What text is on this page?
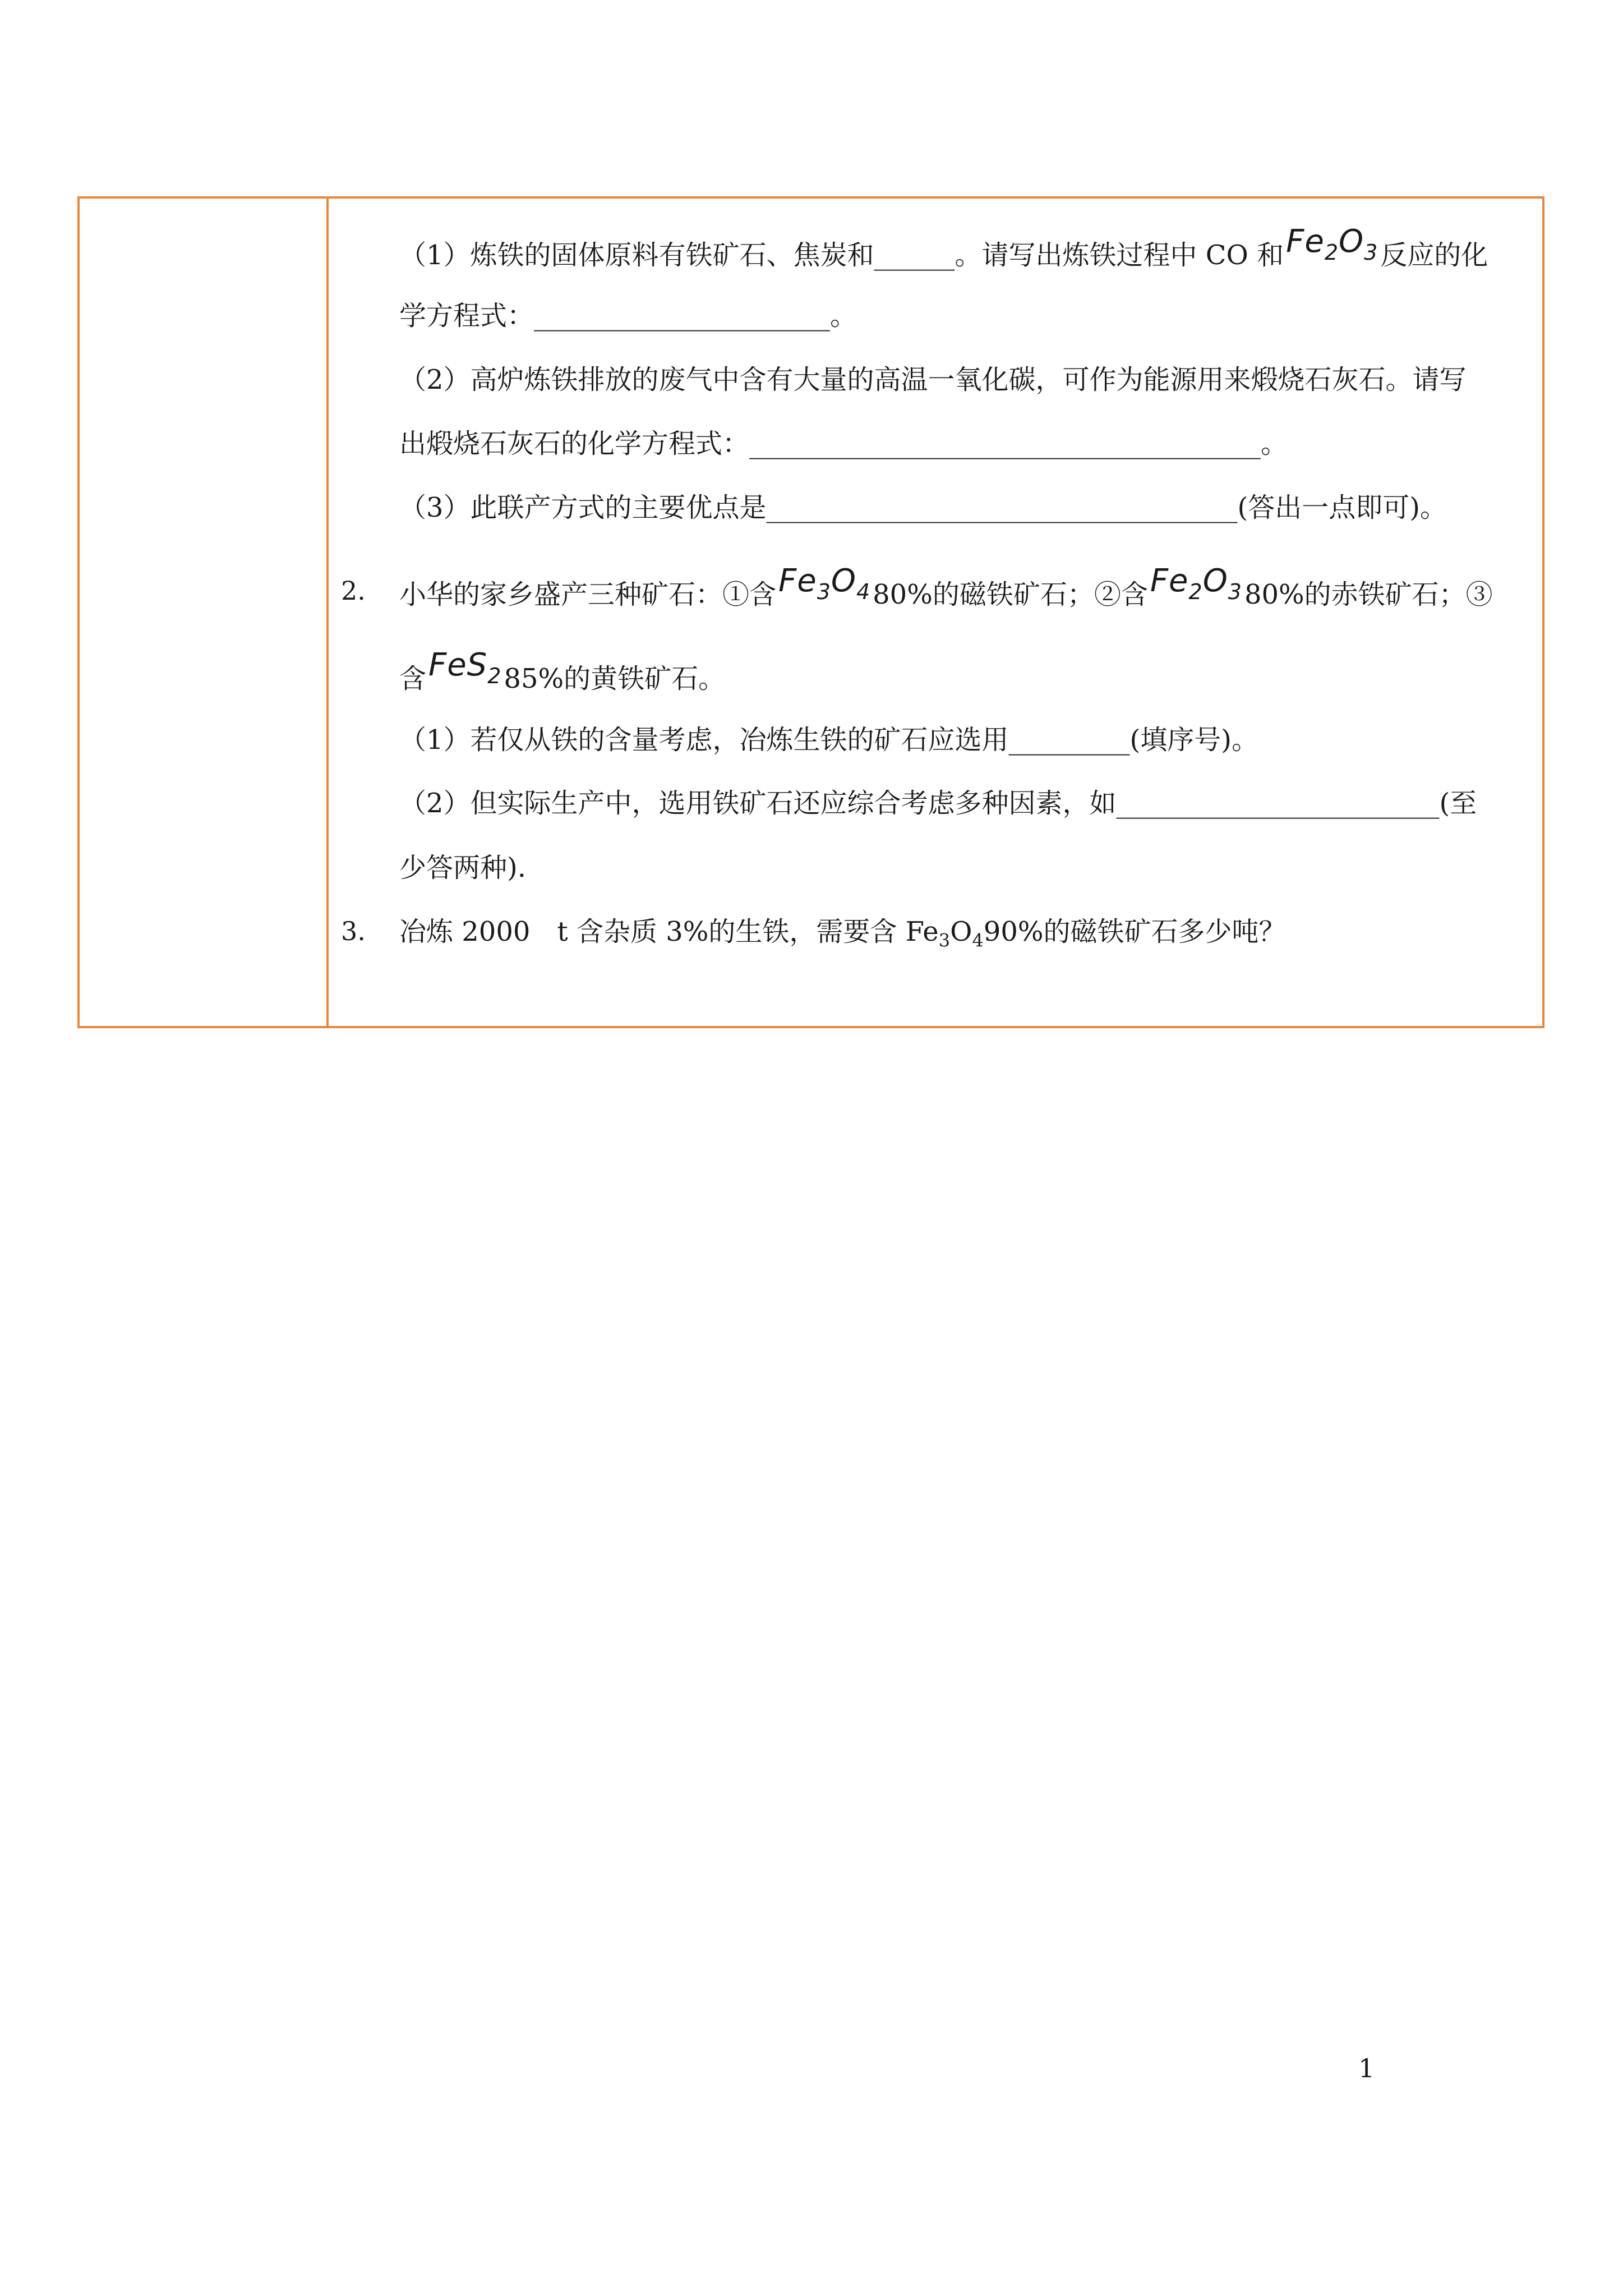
（1）炼铁的固体原料有铁矿石、焦炭和______。请写出炼铁过程中 CO 和$Fe_2O_3$反应的化
学方程式：______________________。
（2）高炉炼铁排放的废气中含有大量的高温一氧化碳，可作为能源用来煅烧石灰石。请写
出煅烧石灰石的化学方程式：______________________________________。
（3）此联产方式的主要优点是___________________________________(答出一点即可)。
2. 小华的家乡盛产三种矿石：①含$Fe_3O_480\%$的磁铁矿石；②含$Fe_2O_380\%$的赤铁矿石；③
含FeS$_2$85%的黄铁矿石。
（1）若仅从铁的含量考虑，冶炼生铁的矿石应选用_________(填序号)。
（2）但实际生产中，选用铁矿石还应综合考虑多种因素，如________________________(至
少答两种).
3. 冶炼 2000　t 含杂质 3%的生铁，需要含 $Fe_3O_490\%$的磁铁矿石多少吨？
1
